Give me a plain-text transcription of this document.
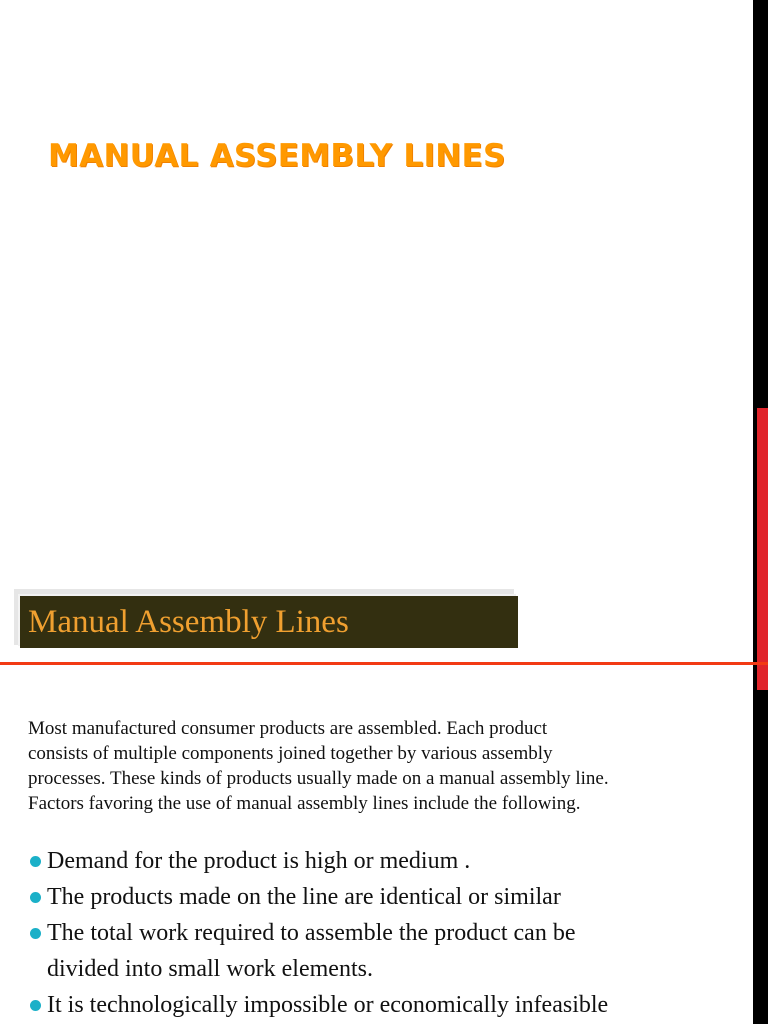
MANUAL ASSEMBLY LINES
Manual Assembly Lines

Most manufactured consumer products are assembled. Each product
consists of multiple components joined together by various assembly
processes. These kinds of products usually made on a manual assembly line.
Factors favoring the use of manual assembly lines include the following.

Demand for the product is high or medium .
The products made on the line are identical or similar
The total work required to assemble the product can be
divided into small work elements.
It is technologically impossible or economically infeasible
